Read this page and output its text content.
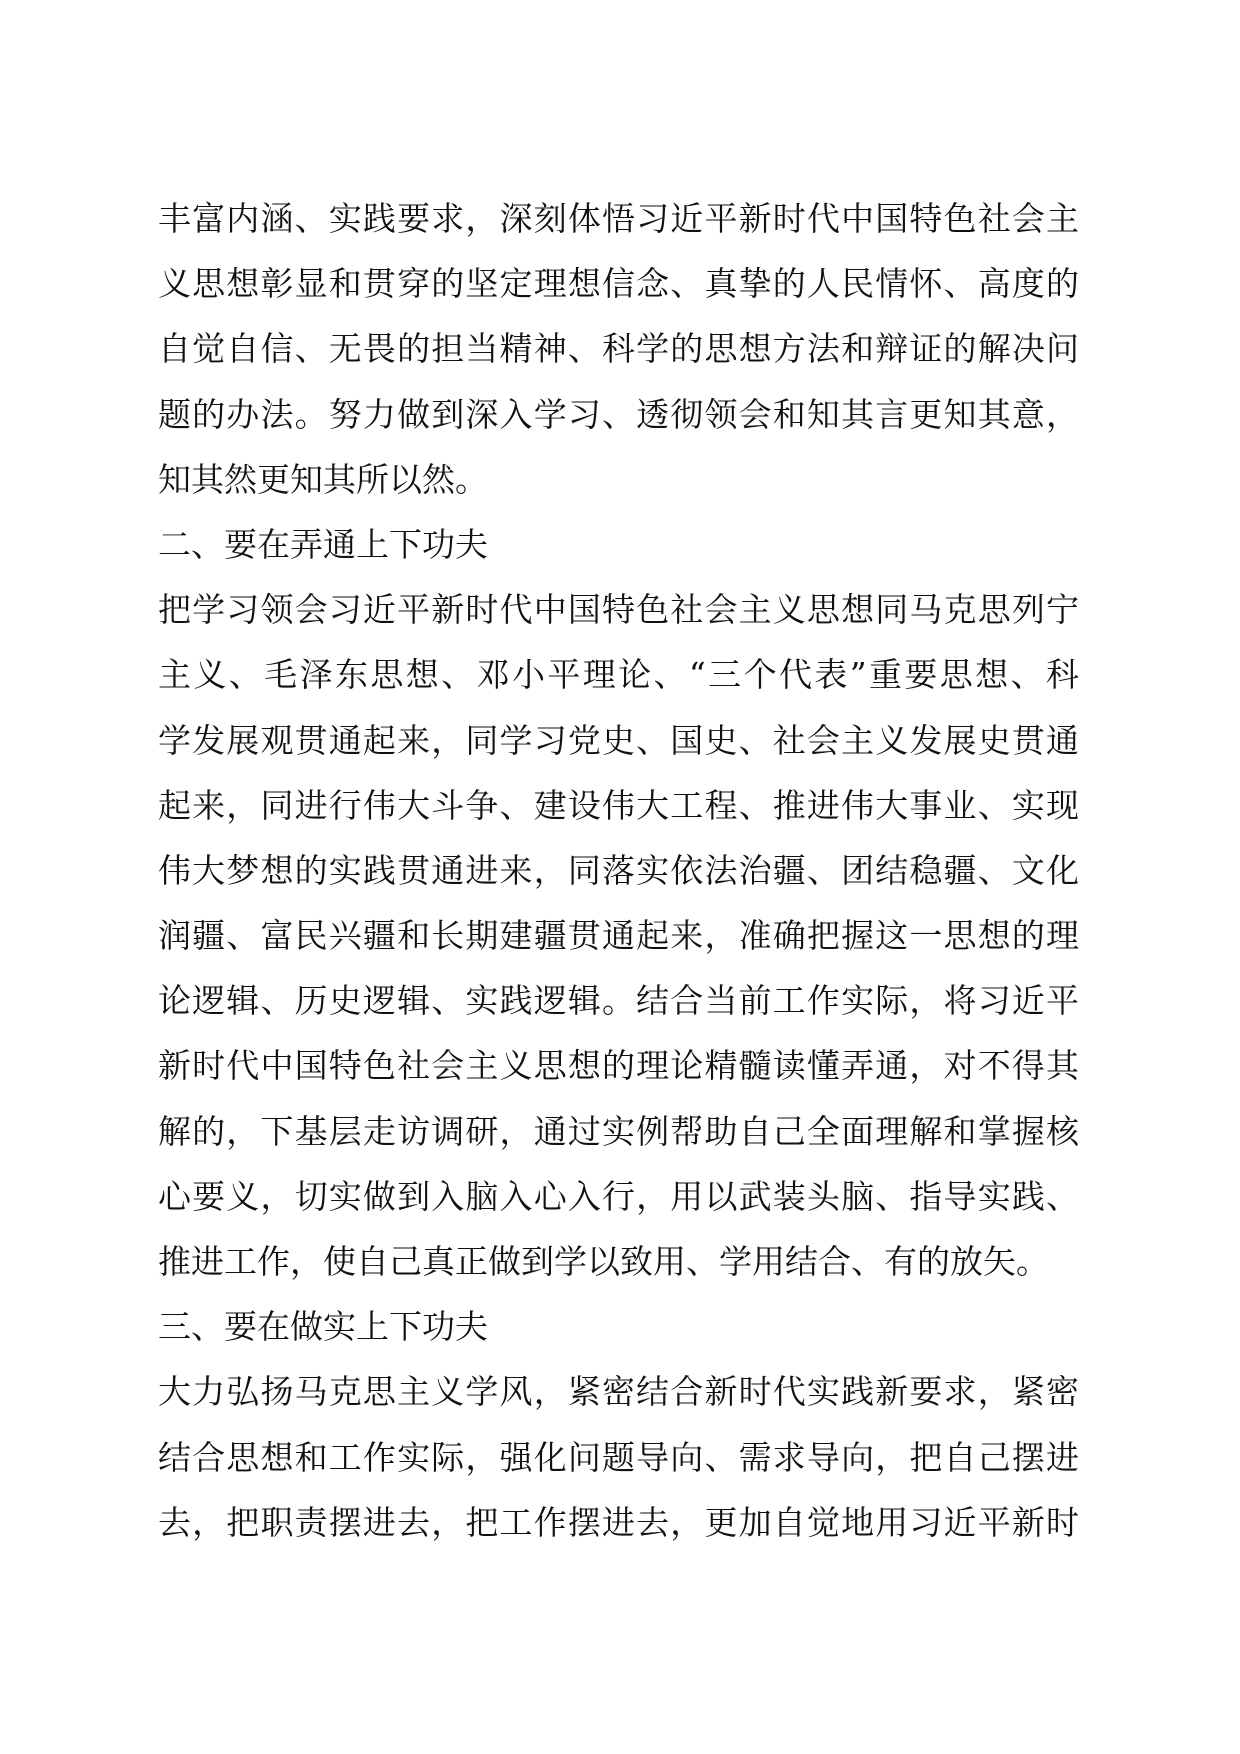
丰富内涵、实践要求，深刻体悟习近平新时代中国特色社会主
义思想彰显和贯穿的坚定理想信念、真挚的人民情怀、高度的
自觉自信、无畏的担当精神、科学的思想方法和辩证的解决问
题的办法。努力做到深入学习、透彻领会和知其言更知其意，
知其然更知其所以然。
二、要在弄通上下功夫
把学习领会习近平新时代中国特色社会主义思想同马克思列宁
主义、毛泽东思想、邓小平理论、“三个代表”重要思想、科
学发展观贯通起来，同学习党史、国史、社会主义发展史贯通
起来，同进行伟大斗争、建设伟大工程、推进伟大事业、实现
伟大梦想的实践贯通进来，同落实依法治疆、团结稳疆、文化
润疆、富民兴疆和长期建疆贯通起来，准确把握这一思想的理
论逻辑、历史逻辑、实践逻辑。结合当前工作实际，将习近平
新时代中国特色社会主义思想的理论精髓读懂弄通，对不得其
解的，下基层走访调研，通过实例帮助自己全面理解和掌握核
心要义，切实做到入脑入心入行，用以武装头脑、指导实践、
推进工作，使自己真正做到学以致用、学用结合、有的放矢。
三、要在做实上下功夫
大力弘扬马克思主义学风，紧密结合新时代实践新要求，紧密
结合思想和工作实际，强化问题导向、需求导向，把自己摆进
去，把职责摆进去，把工作摆进去，更加自觉地用习近平新时
